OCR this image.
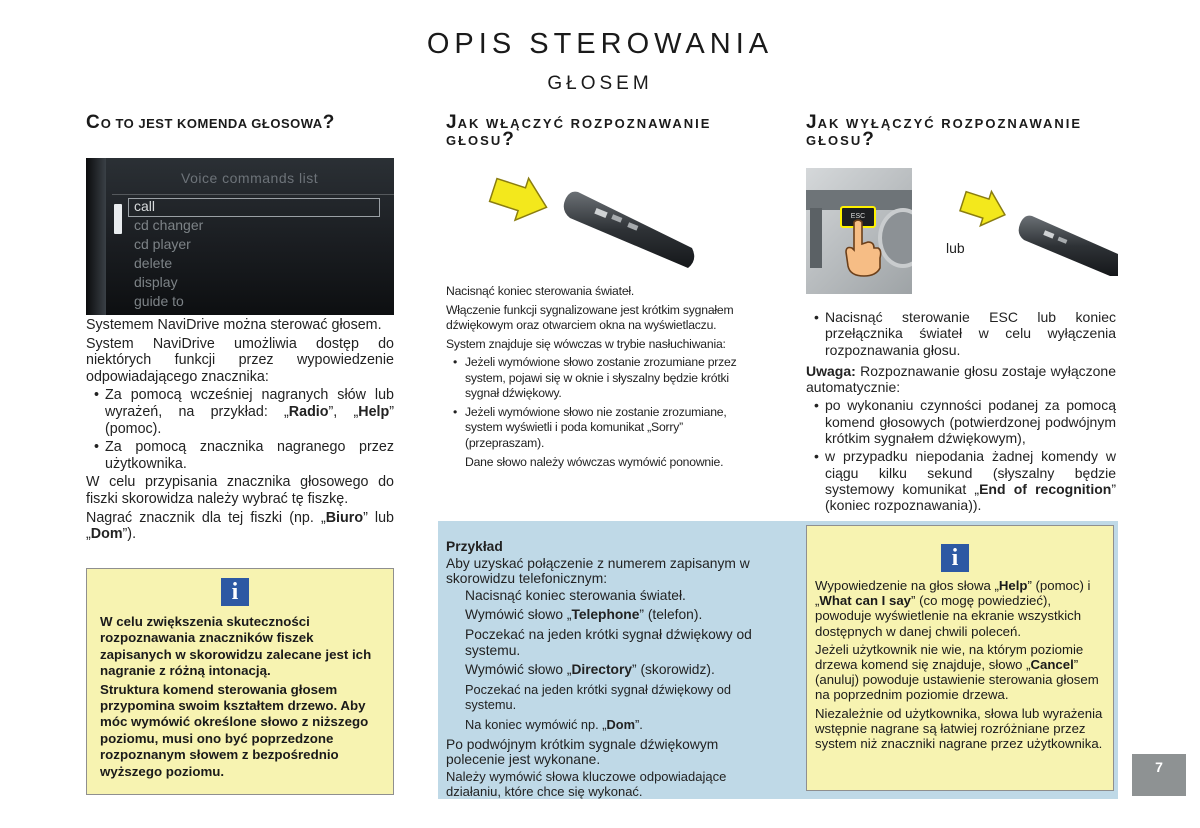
OPIS STEROWANIA
GŁOSEM
CO TO JEST KOMENDA GŁOSOWA?
Voice commands list
call
cd changer
cd player
delete
display
guide to

Systemem NaviDrive można sterować głosem.

System NaviDrive umożliwia dostęp do niektórych funkcji przez wypowiedzenie odpowiadającego znacznika:

• Za pomocą wcześniej nagranych słów lub wyrażeń, na przykład: „Radio”, „Help” (pomoc).
• Za pomocą znacznika nagranego przez użytkownika.

W celu przypisania znacznika głosowego do fiszki skorowidza należy wybrać tę fiszkę.

Nagrać znacznik dla tej fiszki (np. „Biuro” lub „Dom”).

i

W celu zwiększenia skuteczności rozpoznawania znaczników fiszek zapisanych w skorowidzu zalecane jest ich nagranie z różną intonacją.

Struktura komend sterowania głosem przypomina swoim kształtem drzewo. Aby móc wymówić określone słowo z niższego poziomu, musi ono być poprzedzone rozpoznanym słowem z bezpośrednio wyższego poziomu.

JAK WŁĄCZYĆ ROZPOZNAWANIE
GŁOSU?

Nacisnąć koniec sterowania świateł.

Włączenie funkcji sygnalizowane jest krótkim sygnałem dźwiękowym oraz otwarciem okna na wyświetlaczu.

System znajduje się wówczas w trybie nasłuchiwania:

• Jeżeli wymówione słowo zostanie zrozumiane przez system, pojawi się w oknie i słyszalny będzie krótki sygnał dźwiękowy.
• Jeżeli wymówione słowo nie zostanie zrozumiane, system wyświetli i poda komunikat „Sorry” (przepraszam).
Dane słowo należy wówczas wymówić ponownie.
JAK WYŁĄCZYĆ ROZPOZNAWANIE
GŁOSU?
ESC
lub
• Nacisnąć sterowanie ESC lub koniec przełącznika świateł w celu wyłączenia rozpoznawania głosu.

Uwaga: Rozpoznawanie głosu zostaje wyłączone automatycznie:

• po wykonaniu czynności podanej za pomocą komend głosowych (potwierdzonej podwójnym krótkim sygnałem dźwiękowym),
• w przypadku niepodania żadnej komendy w ciągu kilku sekund (słyszalny będzie systemowy komunikat „End of recognition” (koniec rozpoznawania)).

Przykład

Aby uzyskać połączenie z numerem zapisanym w skorowidzu telefonicznym:

Nacisnąć koniec sterowania świateł.
Wymówić słowo „Telephone” (telefon).
Poczekać na jeden krótki sygnał dźwiękowy od systemu.
Wymówić słowo „Directory” (skorowidz).
Poczekać na jeden krótki sygnał dźwiękowy od systemu.
Na koniec wymówić np. „Dom”.

Po podwójnym krótkim sygnale dźwiękowym polecenie jest wykonane.

Należy wymówić słowa kluczowe odpowiadające działaniu, które chce się wykonać.

i

Wypowiedzenie na głos słowa „Help” (pomoc) i „What can I say” (co mogę powiedzieć), powoduje wyświetlenie na ekranie wszystkich dostępnych w danej chwili poleceń.

Jeżeli użytkownik nie wie, na którym poziomie drzewa komend się znajduje, słowo „Cancel” (anuluj) powoduje ustawienie sterowania głosem na poprzednim poziomie drzewa.

Niezależnie od użytkownika, słowa lub wyrażenia wstępnie nagrane są łatwiej rozróżniane przez system niż znaczniki nagrane przez użytkownika.

7
